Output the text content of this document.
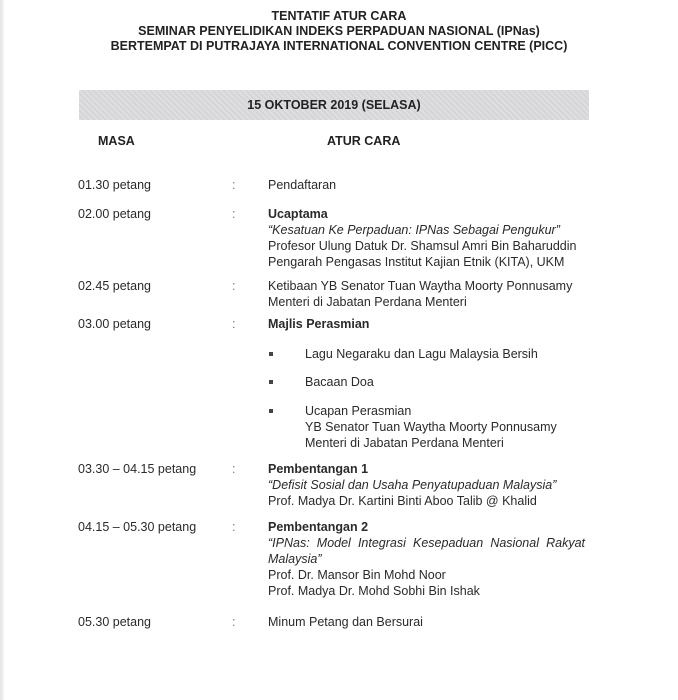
TENTATIF ATUR CARA
SEMINAR PENYELIDIKAN INDEKS PERPADUAN NASIONAL (IPNas)
BERTEMPAT DI PUTRAJAYA INTERNATIONAL CONVENTION CENTRE (PICC)
15 OKTOBER 2019 (SELASA)
MASA	ATUR CARA
01.30 petang	:	Pendaftaran
02.00 petang	:	Ucaptama
“Kesatuan Ke Perpaduan: IPNas Sebagai Pengukur”
Profesor Ulung Datuk Dr. Shamsul Amri Bin Baharuddin
Pengarah Pengasas Institut Kajian Etnik (KITA), UKM
02.45 petang	:	Ketibaan YB Senator Tuan Waytha Moorty Ponnusamy
Menteri di Jabatan Perdana Menteri
03.00 petang	:	Majlis Perasmian
Lagu Negaraku dan Lagu Malaysia Bersih
Bacaan Doa
Ucapan Perasmian
YB Senator Tuan Waytha Moorty Ponnusamy
Menteri di Jabatan Perdana Menteri
03.30 – 04.15 petang	:	Pembentangan 1
“Defisit Sosial dan Usaha Penyatupaduan Malaysia”
Prof. Madya Dr. Kartini Binti Aboo Talib @ Khalid
04.15 – 05.30 petang	:	Pembentangan 2
“IPNas: Model Integrasi Kesepaduan Nasional Rakyat
Malaysia”
Prof. Dr. Mansor Bin Mohd Noor
Prof. Madya Dr. Mohd Sobhi Bin Ishak
05.30 petang	:	Minum Petang dan Bersurai
